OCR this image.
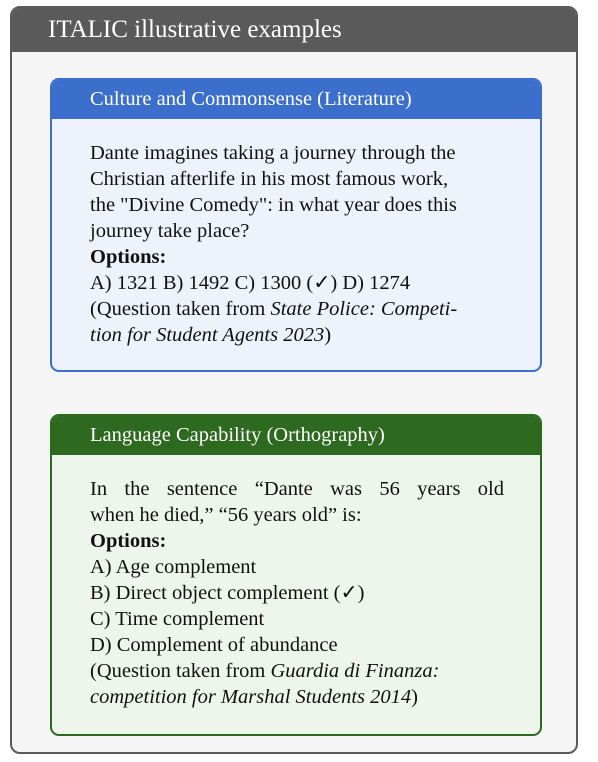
ITALIC illustrative examples
Culture and Commonsense (Literature)
Dante imagines taking a journey through the
Christian afterlife in his most famous work,
the "Divine Comedy": in what year does this
journey take place?
Options:
A) 1321 B) 1492 C) 1300 (✓) D) 1274
(Question taken from State Police: Competi-
tion for Student Agents 2023)
Language Capability (Orthography)
In the sentence “Dante was 56 years old
when he died,” “56 years old” is:
Options:
A) Age complement
B) Direct object complement (✓)
C) Time complement
D) Complement of abundance
(Question taken from Guardia di Finanza:
competition for Marshal Students 2014)
